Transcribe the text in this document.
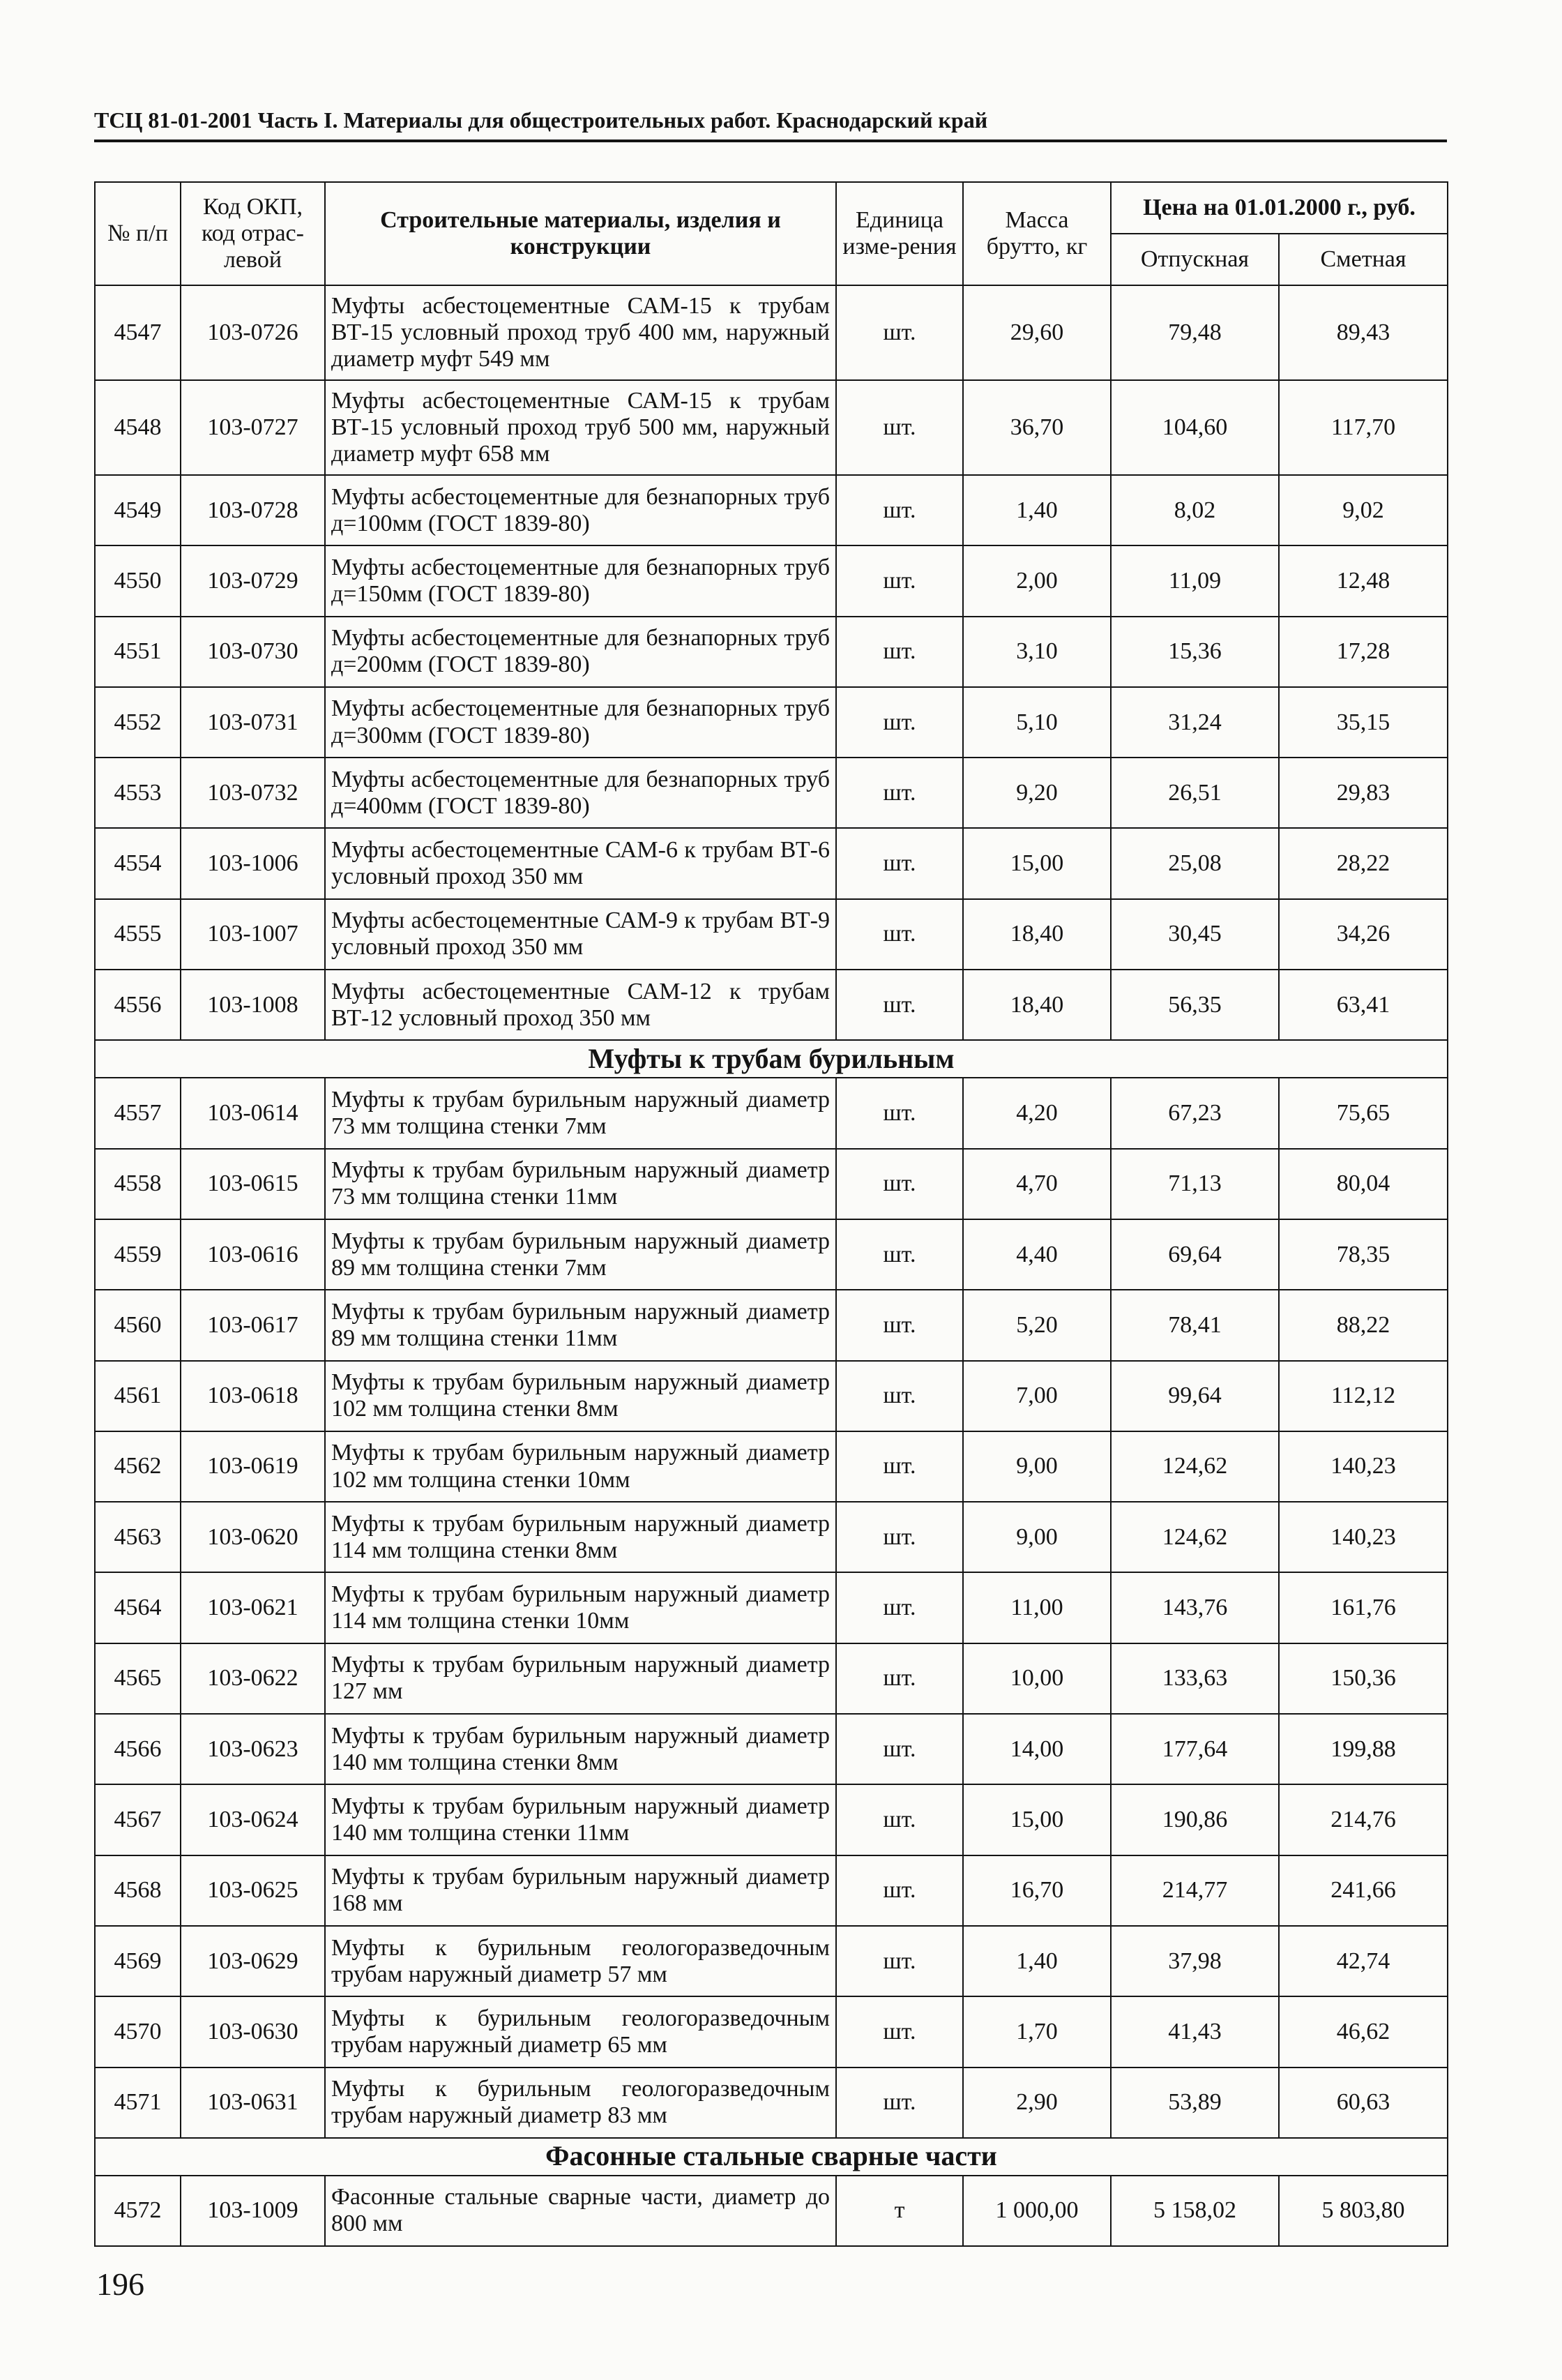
ТСЦ 81-01-2001 Часть I. Материалы для общестроительных работ. Краснодарский край
№ п/п	Код ОКП, код отрас-левой	Строительные материалы, изделия и конструкции	Единица изме-рения	Масса брутто, кг	Цена на 01.01.2000 г., руб.	
					Отпускная	Сметная
4547	103-0726	Муфты асбестоцементные САМ-15 к трубам ВТ-15 условный проход труб 400 мм, наружный диаметр муфт 549 мм	шт.	29,60	79,48	89,43
4548	103-0727	Муфты асбестоцементные САМ-15 к трубам ВТ-15 условный проход труб 500 мм, наружный диаметр муфт 658 мм	шт.	36,70	104,60	117,70
4549	103-0728	Муфты асбестоцементные для безнапорных труб д=100мм (ГОСТ 1839-80)	шт.	1,40	8,02	9,02
4550	103-0729	Муфты асбестоцементные для безнапорных труб д=150мм (ГОСТ 1839-80)	шт.	2,00	11,09	12,48
4551	103-0730	Муфты асбестоцементные для безнапорных труб д=200мм (ГОСТ 1839-80)	шт.	3,10	15,36	17,28
4552	103-0731	Муфты асбестоцементные для безнапорных труб д=300мм (ГОСТ 1839-80)	шт.	5,10	31,24	35,15
4553	103-0732	Муфты асбестоцементные для безнапорных труб д=400мм (ГОСТ 1839-80)	шт.	9,20	26,51	29,83
4554	103-1006	Муфты асбестоцементные САМ-6 к трубам ВТ-6 условный проход 350 мм	шт.	15,00	25,08	28,22
4555	103-1007	Муфты асбестоцементные САМ-9 к трубам ВТ-9 условный проход 350 мм	шт.	18,40	30,45	34,26
4556	103-1008	Муфты асбестоцементные САМ-12 к трубам ВТ-12 условный проход 350 мм	шт.	18,40	56,35	63,41
Муфты к трубам бурильным						
4557	103-0614	Муфты к трубам бурильным наружный диаметр 73 мм толщина стенки 7мм	шт.	4,20	67,23	75,65
4558	103-0615	Муфты к трубам бурильным наружный диаметр 73 мм толщина стенки 11мм	шт.	4,70	71,13	80,04
4559	103-0616	Муфты к трубам бурильным наружный диаметр 89 мм толщина стенки 7мм	шт.	4,40	69,64	78,35
4560	103-0617	Муфты к трубам бурильным наружный диаметр 89 мм толщина стенки 11мм	шт.	5,20	78,41	88,22
4561	103-0618	Муфты к трубам бурильным наружный диаметр 102 мм толщина стенки 8мм	шт.	7,00	99,64	112,12
4562	103-0619	Муфты к трубам бурильным наружный диаметр 102 мм толщина стенки 10мм	шт.	9,00	124,62	140,23
4563	103-0620	Муфты к трубам бурильным наружный диаметр 114 мм толщина стенки 8мм	шт.	9,00	124,62	140,23
4564	103-0621	Муфты к трубам бурильным наружный диаметр 114 мм толщина стенки 10мм	шт.	11,00	143,76	161,76
4565	103-0622	Муфты к трубам бурильным наружный диаметр 127 мм	шт.	10,00	133,63	150,36
4566	103-0623	Муфты к трубам бурильным наружный диаметр 140 мм толщина стенки 8мм	шт.	14,00	177,64	199,88
4567	103-0624	Муфты к трубам бурильным наружный диаметр 140 мм толщина стенки 11мм	шт.	15,00	190,86	214,76
4568	103-0625	Муфты к трубам бурильным наружный диаметр 168 мм	шт.	16,70	214,77	241,66
4569	103-0629	Муфты к бурильным геологоразведочным трубам наружный диаметр 57 мм	шт.	1,40	37,98	42,74
4570	103-0630	Муфты к бурильным геологоразведочным трубам наружный диаметр 65 мм	шт.	1,70	41,43	46,62
4571	103-0631	Муфты к бурильным геологоразведочным трубам наружный диаметр 83 мм	шт.	2,90	53,89	60,63
Фасонные стальные сварные части						
4572	103-1009	Фасонные стальные сварные части, диаметр до 800 мм	т	1 000,00	5 158,02	5 803,80
196
